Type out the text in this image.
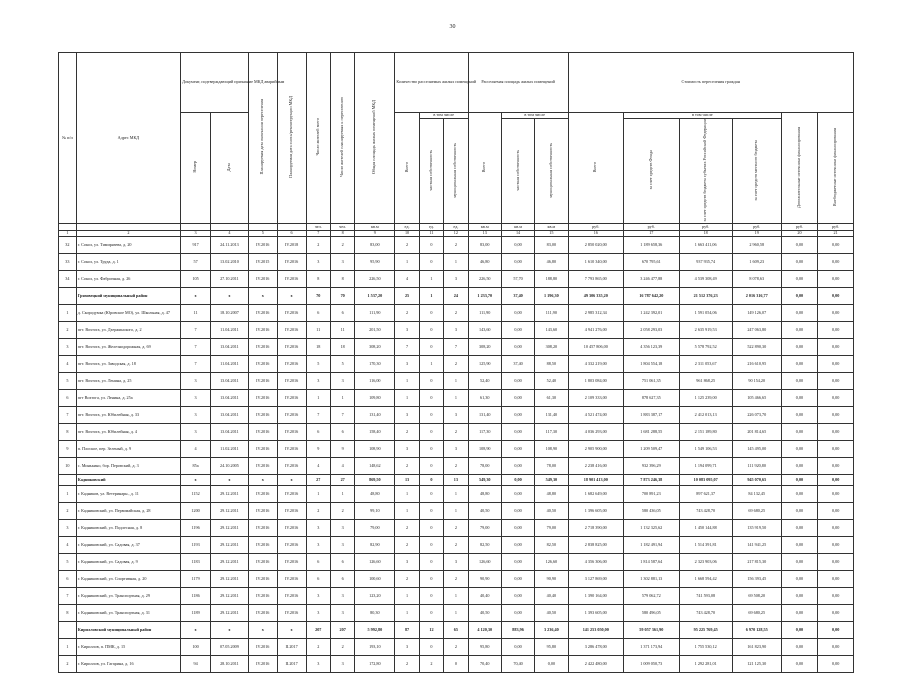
30
№ п/п	Адрес МКД	Документ, подтверждающий признание МКД аварийным		Планируемая дата окончания переселения	Планируемая дата сноса/реконструкции МКД	Число жителей всего	Число жителей планируемых к переселению	Общая площадь жилых помещений МКД	Количество расселяемых жилых помещений			Расселяемая площадь жилых помещений			Стоимость переселения граждан					
		Номер	Дата						Всего	в том числе		Всего	в том числе		Всего	в том числе			Дополнительные источники финансирования	Внебюджетные источники финансирования
										частная собственность	муниципальная собственность		частная собственность	муниципальная собственность		за счет средств Фонда	за счет средств бюджета субъекта Российской Федерации	за счет средств местного бюджета		
						чел.	чел.	кв.м	ед.	ед.	ед.	кв.м	кв.м	кв.м	руб.	руб.	руб.	руб.	руб.	руб.
1	2	3	4	5	6	7	8	9	10	11	12	13	14	15	16	17	18	19	20	21
32	г. Сокол, ул. Тимирязева, д. 20	917	24.11.2013	IV.2016	IV.2018	2	2	83,00	2	0	2	83,00	0,00	83,00	2 850 020,00	1 189 658,36	1 663 411,06	2 960,58	0,00	0,00
33	г. Сокол, ул. Труда, д. 1	57	13.02.2010	IV.2015	IV.2016	3	3	95,90	1	0	1	46,80	0,00	46,80	1 610 340,00	670 795,61	937 935,74	1 609,23	0,00	0,00
34	г. Сокол, ул. Фабричная, д. 26	105	27.10.2011	IV.2016	IV.2016	8	8	226,50	4	1	3	226,50	57,70	188,80	7 793 865,00	3 246 477,88	4 539 308,49	8 078,63	0,00	0,00
	Грязовецкий муниципальный район	x	x	x	x	70	70	1 537,20	25	1	24	1 233,70	37,40	1 196,30	49 306 335,20	16 787 642,20	21 512 376,23	2 016 316,77	0,00	0,00
1	д. Скородумка (Юровское МО), ул. Школьная, д. 47	11	18.10.2007	IV.2016	IV.2016	6	6	111,90	2	0	2	111,90	0,00	111,90	2 985 312,34	1 242 392,01	1 591 054,06	149 126,07	0,00	0,00
2	пгт. Вохтога, ул. Дзержинского, д. 2	7	11.04.2011	IV.2016	IV.2016	11	11	201,50	3	0	3	143,60	0,00	143,60	4 941 276,00	2 058 293,03	2 635 919,53	247 063,80	0,00	0,00
3	пгт. Вохтога, ул. Железнодорожная, д. 69	7	13.04.2011	IV.2016	IV.2016	18	18	308,20	7	0	7	308,20	0,00	308,20	10 457 806,00	4 356 123,39	5 578 792,52	522 890,30	0,00	0,00
4	пгт. Вохтога, ул. Заводская, д. 18	7	11.04.2011	IV.2016	IV.2016	5	5	170,30	3	1	2	125,90	37,40	88,50	4 332 219,00	1 804 554,18	2 311 053,67	216 610,95	0,00	0,00
5	пгт. Вохтога, ул. Ленина, д. 25	3	13.04.2011	IV.2016	IV.2016	3	3	116,00	1	0	1	52,40	0,00	52,40	1 803 084,00	751 061,35	961 868,25	90 154,20	0,00	0,00
6	пгт Вохтога, ул. Ленина, д. 25а	3	13.04.2011	IV.2016	IV.2016	1	1	109,80	1	0	1	61,30	0,00	61,30	2 109 333,00	878 627,35	1 125 239,00	105 466,65	0,00	0,00
7	пгт. Вохтога, ул. Юбилейная, д. 33	3	13.04.2011	IV.2016	IV.2016	7	7	131,40	3	0	3	131,40	0,00	131,40	4 521 474,00	1 883 387,17	2 412 013,13	226 073,70	0,00	0,00
8	пгт. Вохтога, ул. Юбилейная, д. 4	3	13.04.2011	IV.2016	IV.2016	6	6	158,40	2	0	2	117,30	0,00	117,30	4 036 293,00	1 681 288,55	2 151 189,80	201 814,65	0,00	0,00
9	п. Плоское, пер. Зеленый, д. 9	4	11.02.2011	IV.2016	IV.2016	9	9	108,90	3	0	3	108,90	0,00	108,90	2 905 900,00	1 209 509,47	1 549 106,53	145 495,00	0,00	0,00
10	с. Минькино, бор. Перовский, д. 3	85а	24.10.2005	IV.2016	IV.2016	4	4	148,62	2	0	2	78,00	0,00	78,00	2 238 416,00	932 396,29	1 194 099,71	111 920,80	0,00	0,00
	Кадниковский	x	x	x	x	27	27	869,50	13	0	13	549,30	0,00	549,30	18 901 413,00	7 873 246,38	10 083 095,07	945 070,65	0,00	0,00
1	г. Кадников, ул. Ветеринарн., д. 11	1152	29.12.2011	IV.2016	IV.2016	1	1	48,80	1	0	1	48,80	0,00	48,80	1 682 649,00	700 891,23	897 621,37	84 132,45	0,00	0,00
2	г. Кадниковский, ул. Первомайская, д. 28	1200	29.12.2011	IV.2016	IV.2016	2	2	99,10	1	0	1	40,50	0,00	40,50	1 396 605,00	580 436,05	743 428,70	69 680,25	0,00	0,00
3	г. Кадниковский, ул. Подлесная, д. 8	1196	29.12.2011	IV.2016	IV.2016	3	3	79,00	2	0	2	79,00	0,00	79,00	2 718 390,00	1 132 325,62	1 450 144,88	135 919,50	0,00	0,00
4	г. Кадниковский, ул. Садовая, д. 37	1193	29.12.2011	IV.2016	IV.2016	3	3	82,90	2	0	2	82,50	0,00	82,50	2 838 825,00	1 182 491,94	1 514 391,81	141 941,25	0,00	0,00
5	г. Кадниковский, ул. Садовая, д. 9	1183	29.12.2011	IV.2016	IV.2016	6	6	126,60	3	0	3	126,60	0,00	126,60	4 356 306,00	1 814 587,64	2 323 903,06	217 815,30	0,00	0,00
6	г. Кадниковский, ул. Спортивная, д. 20	1179	29.12.2011	IV.2016	IV.2016	6	6	100,60	2	0	2	90,90	0,00	90,90	3 127 869,00	1 302 881,13	1 668 594,42	156 393,45	0,00	0,00
7	г. Кадниковский, ул. Транспортная, д. 29	1186	29.12.2011	IV.2016	IV.2016	3	3	123,20	1	0	1	40,40	0,00	40,40	1 390 164,00	579 062,72	741 593,08	69 508,20	0,00	0,00
8	г. Кадниковский, ул. Транспортная, д. 31	1189	29.12.2011	IV.2016	IV.2016	3	3	80,30	1	0	1	40,50	0,00	40,50	1 393 605,00	580 496,05	743 428,70	69 680,25	0,00	0,00
	Кирилловский муниципальный район	x	x	x	x	207	207	5 992,80	87	12	65	4 120,30	883,96	3 236,40	141 253 050,00	59 057 361,90	95 225 769,45	6 970 128,55	0,00	0,00
1	г. Кириллов, п. ПМК, д. 15	100	07.05.2009	IV.2016	II.2017	2	2	193,10	3	0	2	95,80	0,00	95,80	3 286 478,00	1 371 173,94	1 755 530,12	161 823,90	0,00	0,00
2	г. Кириллов, ул. Гагарина, д. 16	94	28.10.2011	IV.2016	II.2017	3	3	172,80	2	2	0	70,40	70,40	0,00	2 422 480,00	1 009 050,73	1 292 281,01	121 125,30	0,00	0,00
